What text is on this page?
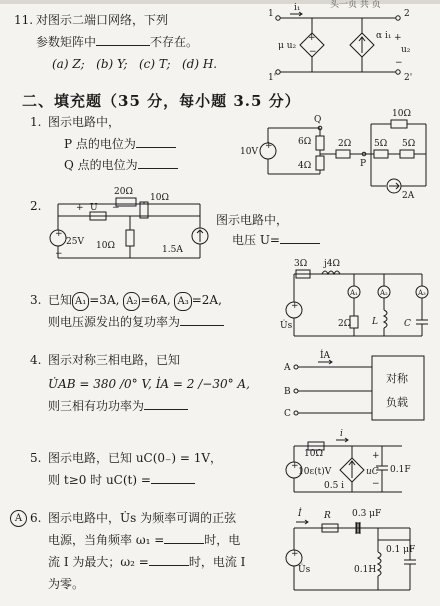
头一页 共 页
11. 对图示二端口网络，下列
参数矩阵中	不存在。
(a) Z; (b) Y; (c) T; (d) H.
+
−
i₁
μ u₂
α i₁
u₂
+
−
1
1'
2
2'
二、填充题（35 分，每小题 3.5 分）
1. 图示电路中，
P 点的电位为
Q 点的电位为
+
10V
Q
6Ω
4Ω
2Ω
P
5Ω 5Ω
10Ω
2A
2.
20Ω
+ U −
+
25V
−
10Ω
10Ω
1.5A
图示电路中，
电压 U=
3. 已知 A₁ =3A, A₂ =6A, A₃ =2A,
则电压源发出的复功率为
3Ω j4Ω
+
U̇s
A₁
2Ω
A₂
L
A₃
C
4. 图示对称三相电路，已知
U̇AB = 380 /0° V, İA = 2 /−30° A,
则三相有功功率为
A
B
C
İA
对称
负载
5. 图示电路，已知 uC(0₋) = 1V，
则 t≥0 时 uC(t) =
10Ω
i
+
10ε(t)V
0.5 i
uC 0.1F
+
−
A 6. 图示电路中，U̇s 为频率可调的正弦
电源，当角频率 ω₁ =	时，电
流 I 为最大；ω₂ =	时，电流 I
为零。
İ R 0.3 μF
+
U̇s	0.1H
0.1 μF
